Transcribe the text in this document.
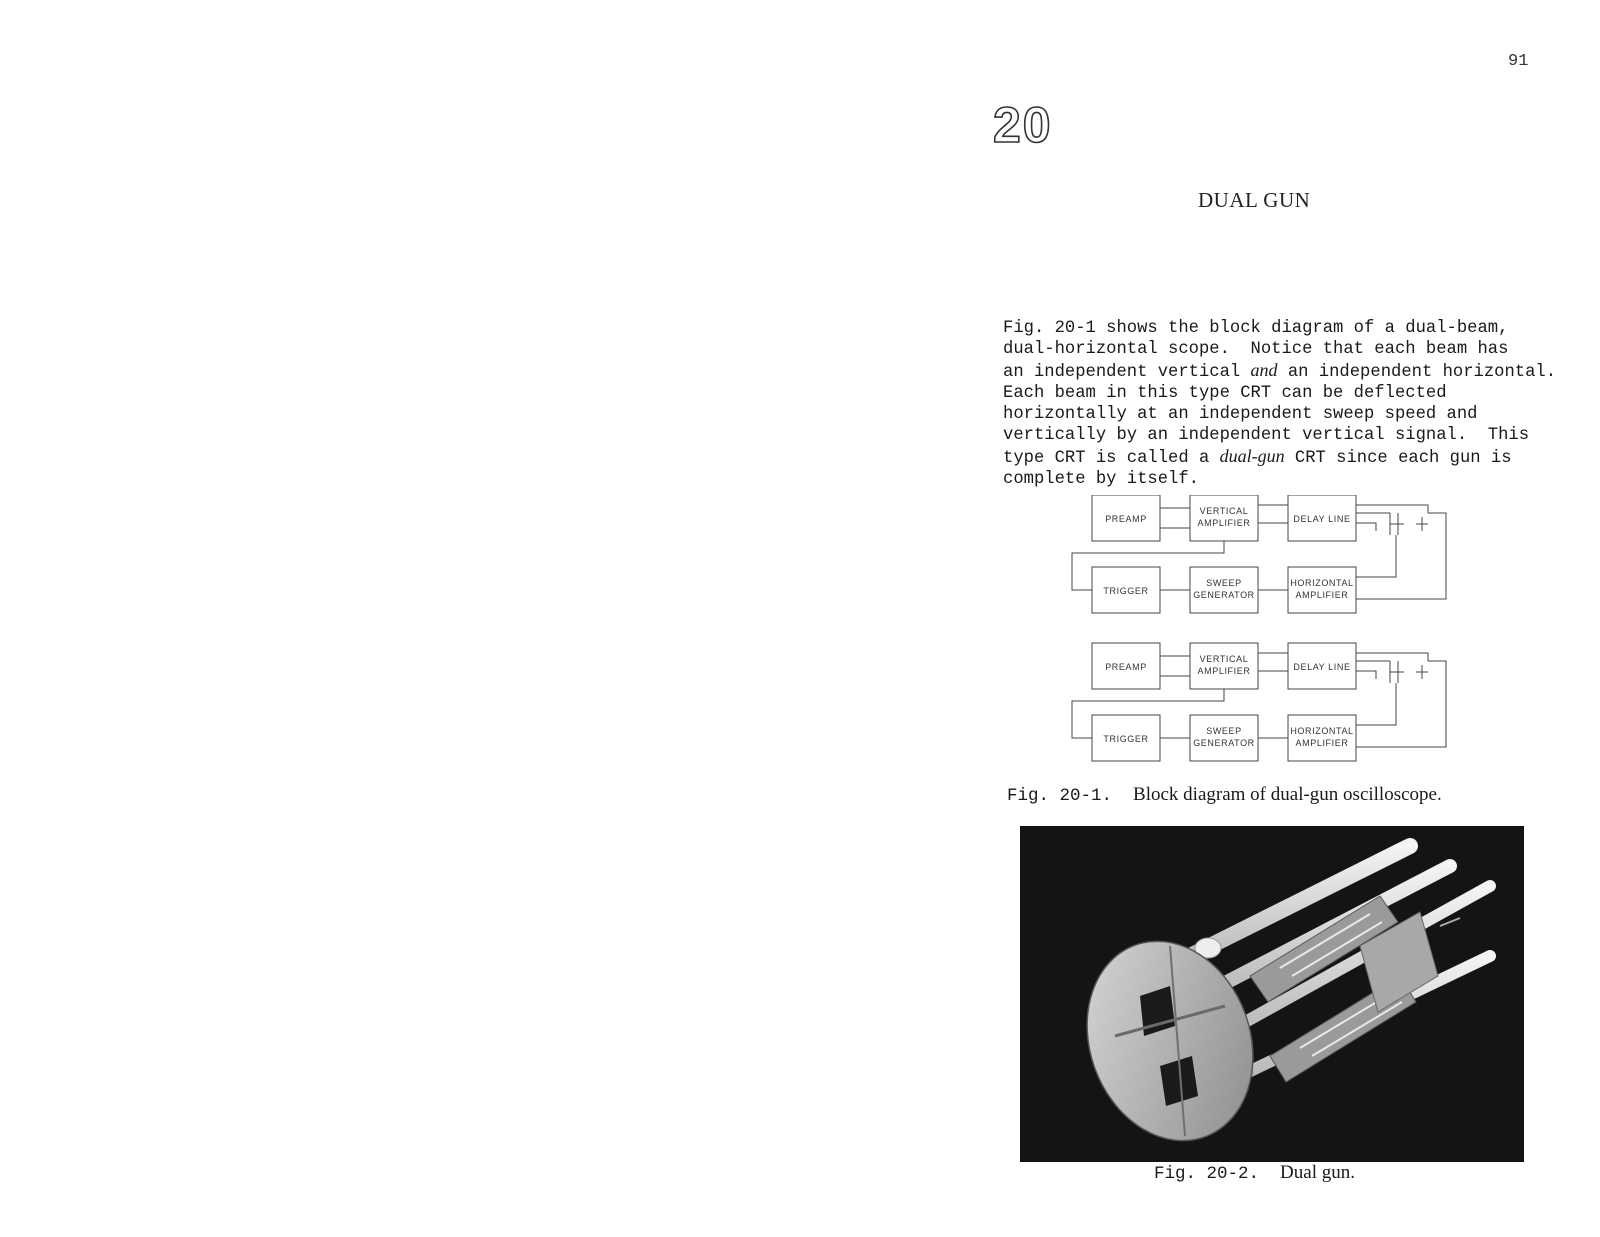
91
20
DUAL GUN

Fig. 20-1 shows the block diagram of a dual-beam,
dual-horizontal scope.  Notice that each beam has
an independent vertical and an independent horizontal.
Each beam in this type CRT can be deflected
horizontally at an independent sweep speed and
vertically by an independent vertical signal.  This
type CRT is called a dual-gun CRT since each gun is
complete by itself.

PREAMP
VERTICAL
AMPLIFIER	DELAY LINE
TRIGGER
SWEEP
GENERATOR
HORIZONTAL
AMPLIFIER
PREAMP
VERTICAL
AMPLIFIER	DELAY LINE
TRIGGER
SWEEP
GENERATOR
HORIZONTAL
AMPLIFIER
Fig. 20-1. Block diagram of dual-gun oscilloscope.
Fig. 20-2. Dual gun.
